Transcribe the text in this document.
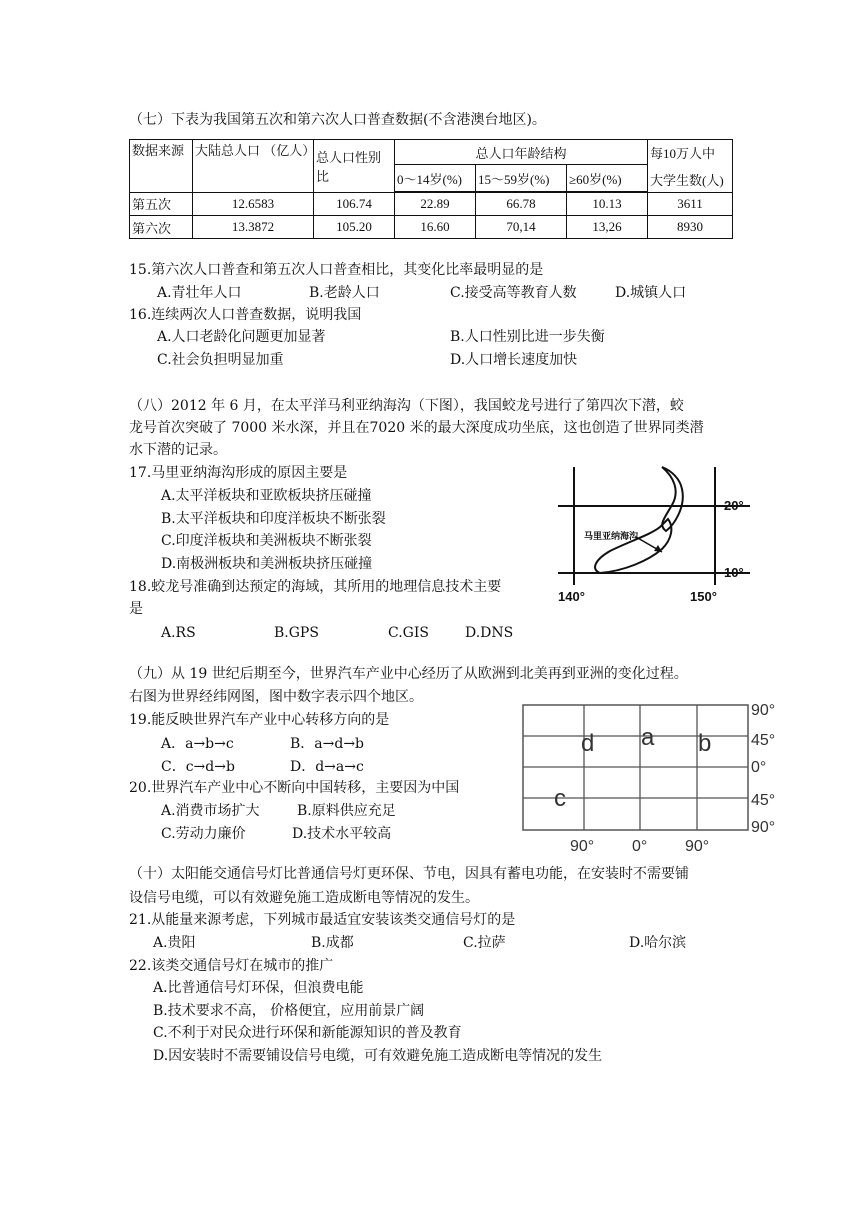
（七）下表为我国第五次和第六次人口普查数据(不含港澳台地区)。
数据来源	大陆总人口 （亿人）	总人口性别比	总人口年龄结构			每10万人中
大学生数(人)

			0～14岁(%)	15～59岁(%)	≥60岁(%)	
第五次	12.6583	106.74	22.89	66.78	10.13	3611
第六次	13.3872	105.20	16.60	70,14	13,26	8930
15.第六次人口普查和第五次人口普查相比，其变化比率最明显的是
A.青壮年人口	B.老龄人口	C.接受高等教育人数	D.城镇人口
16.连续两次人口普查数据，说明我国
A.人口老龄化问题更加显著	B.人口性别比进一步失衡
C.社会负担明显加重	D.人口增长速度加快
（八）2012 年 6 月，在太平洋马利亚纳海沟（下图），我国蛟龙号进行了第四次下潜，蛟
龙号首次突破了 7000 米水深，并且在7020 米的最大深度成功坐底，这也创造了世界同类潜
水下潜的记录。
17.马里亚纳海沟形成的原因主要是
A.太平洋板块和亚欧板块挤压碰撞
B.太平洋板块和印度洋板块不断张裂
C.印度洋板块和美洲板块不断张裂
D.南极洲板块和美洲板块挤压碰撞
18.蛟龙号准确到达预定的海域，其所用的地理信息技术主要
是
A.RS	B.GPS	C.GIS	D.DNS
马里亚纳海沟
20°
10°
140°	150°
（九）从 19 世纪后期至今，世界汽车产业中心经历了从欧洲到北美再到亚洲的变化过程。
右图为世界经纬网图，图中数字表示四个地区。
19.能反映世界汽车产业中心转移方向的是
A．a→b→c	B．a→d→b
C．c→d→b	D．d→a→c
20.世界汽车产业中心不断向中国转移，主要因为中国
A.消费市场扩大	B.原料供应充足
C.劳动力廉价	D.技术水平较高
d a b
c
90°
45°
0°
45°
90°
90° 0° 90°
（十）太阳能交通信号灯比普通信号灯更环保、节电，因具有蓄电功能，在安装时不需要铺
设信号电缆，可以有效避免施工造成断电等情况的发生。
21.从能量来源考虑，下列城市最适宜安装该类交通信号灯的是
A.贵阳	B.成都	C.拉萨	D.哈尔滨
22.该类交通信号灯在城市的推广
A.比普通信号灯环保，但浪费电能
B.技术要求不高， 价格便宜，应用前景广阔
C.不利于对民众进行环保和新能源知识的普及教育
D.因安装时不需要铺设信号电缆，可有效避免施工造成断电等情况的发生
